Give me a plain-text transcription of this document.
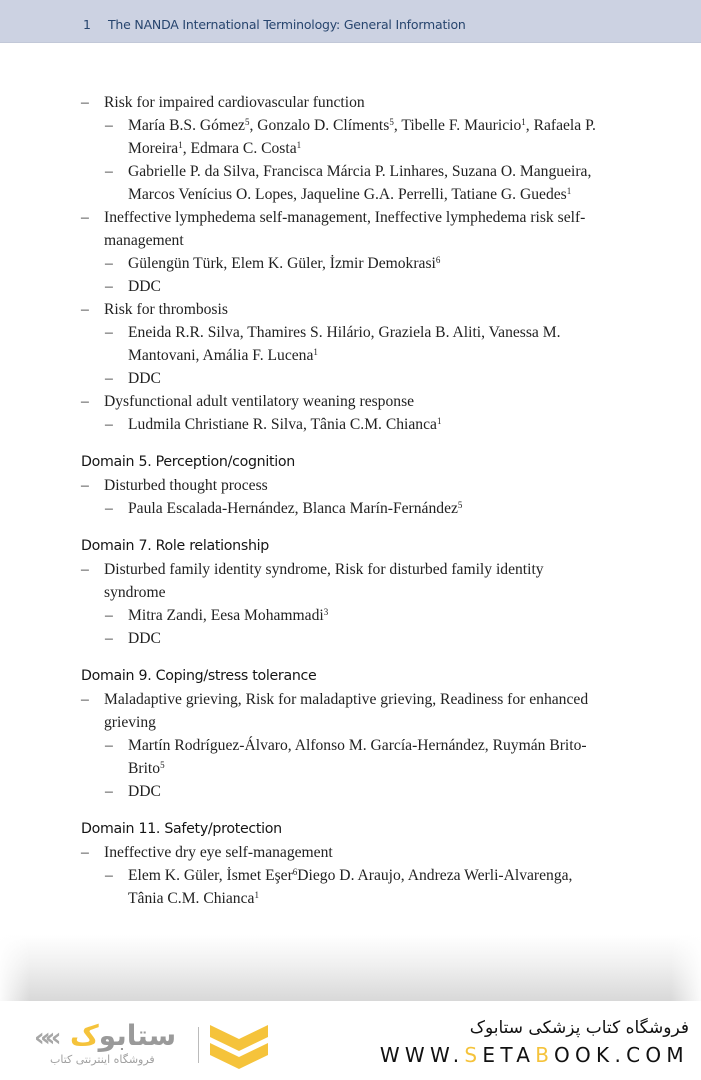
1 The NANDA International Terminology: General Information
– Risk for impaired cardiovascular function
– María B.S. Gómez$^5$, Gonzalo D. Clíments$^5$, Tibelle F. Mauricio$^1$, Rafaela P. Moreira$^1$, Edmara C. Costa$^1$
– Gabrielle P. da Silva, Francisca Márcia P. Linhares, Suzana O. Mangueira, Marcos Venícius O. Lopes, Jaqueline G.A. Perrelli, Tatiane G. Guedes$^1$
– Ineffective lymphedema self-management, Ineffective lymphedema risk self-management
– Gülengün Türk, Elem K. Güler, İzmir Demokrasi$^6$
– DDC
– Risk for thrombosis
– Eneida R.R. Silva, Thamires S. Hilário, Graziela B. Aliti, Vanessa M. Mantovani, Amália F. Lucena$^1$
– DDC
– Dysfunctional adult ventilatory weaning response
– Ludmila Christiane R. Silva, Tânia C.M. Chianca$^1$
Domain 5. Perception/cognition
– Disturbed thought process
– Paula Escalada-Hernández, Blanca Marín-Fernández$^5$
Domain 7. Role relationship
– Disturbed family identity syndrome, Risk for disturbed family identity syndrome
– Mitra Zandi, Eesa Mohammadi$^3$
– DDC
Domain 9. Coping/stress tolerance
– Maladaptive grieving, Risk for maladaptive grieving, Readiness for enhanced grieving
– Martín Rodríguez-Álvaro, Alfonso M. García-Hernández, Ruymán Brito-Brito$^5$
– DDC
Domain 11. Safety/protection
– Ineffective dry eye self-management
– Elem K. Güler, İsmet Eşer$^6$Diego D. Araujo, Andreza Werli-Alvarenga, Tânia C.M. Chianca$^1$
««	ستابوک
فروشگاه اینترنتی کتاب
فروشگاه کتاب پزشکی ستابوک
WWW.SETABOOK.COM
